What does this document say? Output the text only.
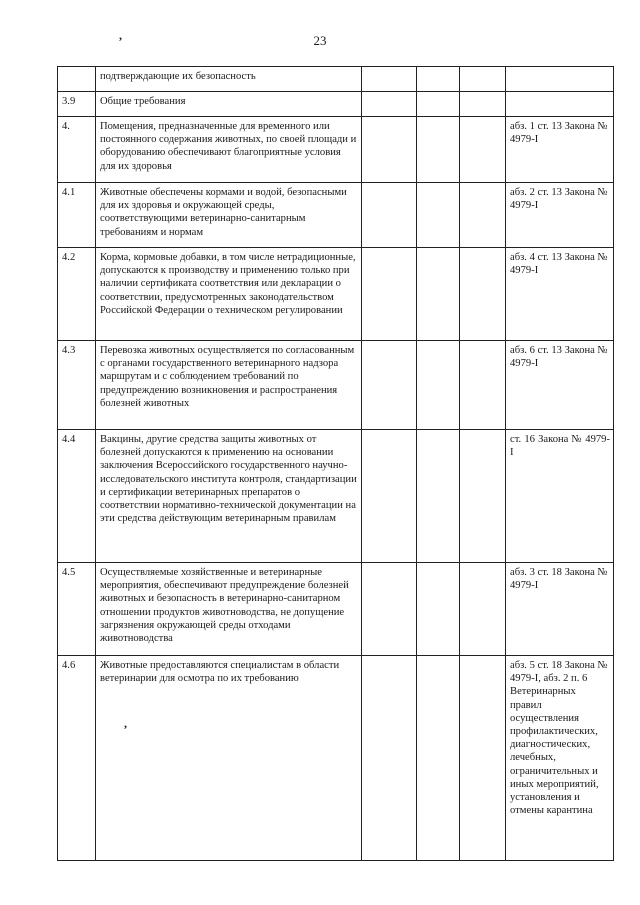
,
,
23
	подтверждающие их безопасность				
3.9	Общие требования				
4.	Помещения, предназначенные для временного или постоянного содержания животных, по своей площади и оборудованию обеспечивают благоприятные условия для их здоровья				абз. 1 ст. 13 Закона № 4979-I
4.1	Животные обеспечены кормами и водой, безопасными для их здоровья и окружающей среды, соответствующими ветеринарно-санитарным требованиям и нормам				абз. 2 ст. 13 Закона № 4979-I
4.2	Корма, кормовые добавки, в том числе нетрадиционные, допускаются к производству и применению только при наличии сертификата соответствия или декларации о соответствии, предусмотренных законодательством Российской Федерации о техническом регулировании				абз. 4 ст. 13 Закона № 4979-I
4.3	Перевозка животных осуществляется по согласованным с органами государственного ветеринарного надзора маршрутам и с соблюдением требований по предупреждению возникновения и распространения болезней животных				абз. 6 ст. 13 Закона № 4979-I
4.4	Вакцины, другие средства защиты животных от болезней допускаются к применению на основании заключения Всероссийского государственного научно-исследовательского института контроля, стандартизации и сертификации ветеринарных препаратов о соответствии нормативно-технической документации на эти средства действующим ветеринарным правилам				ст. 16 Закона № 4979-I
4.5	Осуществляемые хозяйственные и ветеринарные мероприятия, обеспечивают предупреждение болезней животных и безопасность в ветеринарно-санитарном отношении продуктов животноводства, не допущение загрязнения окружающей среды отходами животноводства				абз. 3 ст. 18 Закона № 4979-I
4.6	Животные предоставляются специалистам в области ветеринарии для осмотра по их требованию				абз. 5 ст. 18 Закона № 4979-I, абз. 2 п. 6 Ветеринарных правил осуществления профилактических, диагностических, лечебных, ограничительных и иных мероприятий, установления и отмены карантина
